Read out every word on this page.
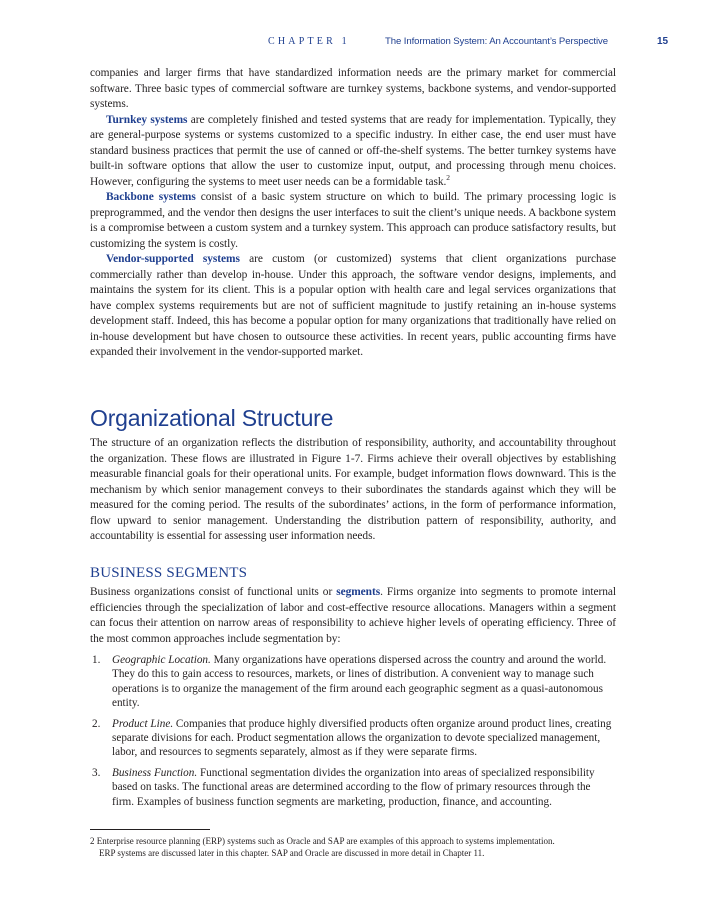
CHAPTER 1	The Information System: An Accountant’s Perspective	15

companies and larger firms that have standardized information needs are the primary market for commercial software. Three basic types of commercial software are turnkey systems, backbone systems, and vendor-supported systems.

Turnkey systems are completely finished and tested systems that are ready for implementation. Typically, they are general-purpose systems or systems customized to a specific industry. In either case, the end user must have standard business practices that permit the use of canned or off-the-shelf systems. The better turnkey systems have built-in software options that allow the user to customize input, output, and processing through menu choices. However, configuring the systems to meet user needs can be a formidable task.$^2$

Backbone systems consist of a basic system structure on which to build. The primary processing logic is preprogrammed, and the vendor then designs the user interfaces to suit the client’s unique needs. A backbone system is a compromise between a custom system and a turnkey system. This approach can produce satisfactory results, but customizing the system is costly.

Vendor-supported systems are custom (or customized) systems that client organizations purchase commercially rather than develop in-house. Under this approach, the software vendor designs, implements, and maintains the system for its client. This is a popular option with health care and legal services organizations that have complex systems requirements but are not of sufficient magnitude to justify retaining an in-house systems development staff. Indeed, this has become a popular option for many organizations that traditionally have relied on in-house development but have chosen to outsource these activities. In recent years, public accounting firms have expanded their involvement in the vendor-supported market.

Organizational Structure

The structure of an organization reflects the distribution of responsibility, authority, and accountability throughout the organization. These flows are illustrated in Figure 1-7. Firms achieve their overall objectives by establishing measurable financial goals for their operational units. For example, budget information flows downward. This is the mechanism by which senior management conveys to their subordinates the standards against which they will be measured for the coming period. The results of the subordinates’ actions, in the form of performance information, flow upward to senior management. Understanding the distribution pattern of responsibility, authority, and accountability is essential for assessing user information needs.

BUSINESS SEGMENTS

Business organizations consist of functional units or segments. Firms organize into segments to promote internal efficiencies through the specialization of labor and cost-effective resource allocations. Managers within a segment can focus their attention on narrow areas of responsibility to achieve higher levels of operating efficiency. Three of the most common approaches include segmentation by:

1. Geographic Location. Many organizations have operations dispersed across the country and around the world. They do this to gain access to resources, markets, or lines of distribution. A convenient way to manage such operations is to organize the management of the firm around each geographic segment as a quasi-autonomous entity.
2. Product Line. Companies that produce highly diversified products often organize around product lines, creating separate divisions for each. Product segmentation allows the organization to devote specialized management, labor, and resources to segments separately, almost as if they were separate firms.
3. Business Function. Functional segmentation divides the organization into areas of specialized responsibility based on tasks. The functional areas are determined according to the flow of primary resources through the firm. Examples of business function segments are marketing, production, finance, and accounting.
2 Enterprise resource planning (ERP) systems such as Oracle and SAP are examples of this approach to systems implementation.
ERP systems are discussed later in this chapter. SAP and Oracle are discussed in more detail in Chapter 11.
